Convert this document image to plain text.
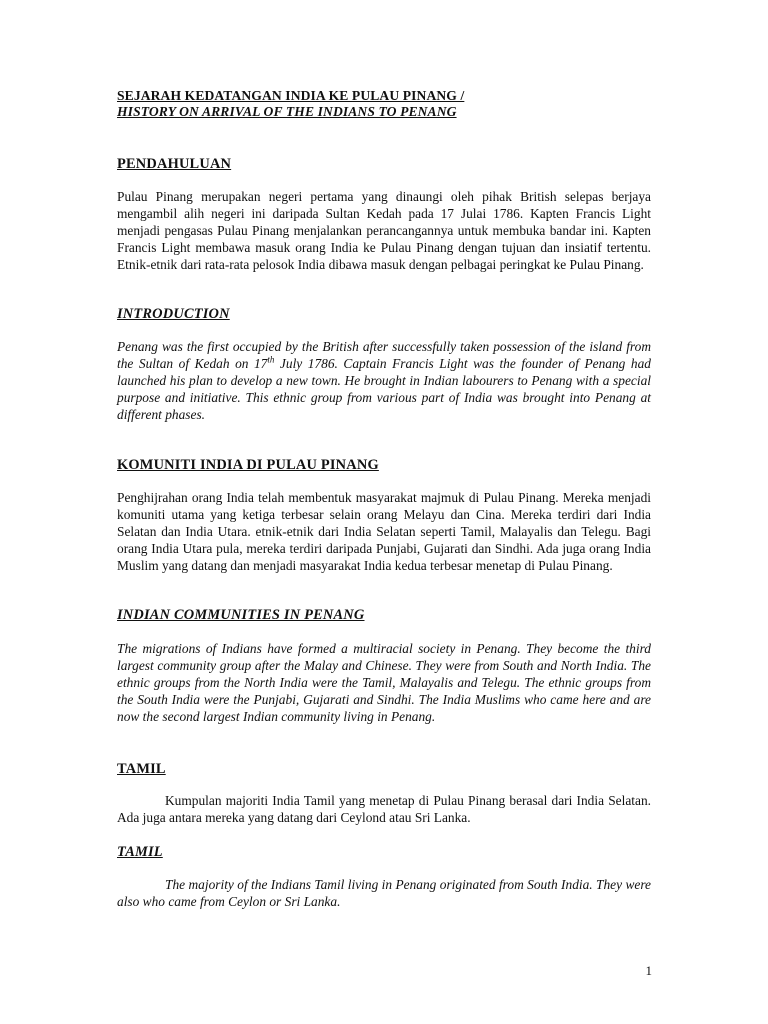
SEJARAH KEDATANGAN INDIA KE PULAU PINANG /
HISTORY ON ARRIVAL OF THE INDIANS TO PENANG
PENDAHULUAN

Pulau Pinang merupakan negeri pertama yang dinaungi oleh pihak British selepas berjaya mengambil alih negeri ini daripada Sultan Kedah pada 17 Julai 1786. Kapten Francis Light menjadi pengasas Pulau Pinang menjalankan perancangannya untuk membuka bandar ini. Kapten Francis Light membawa masuk orang India ke Pulau Pinang dengan tujuan dan insiatif tertentu. Etnik-etnik dari rata-rata pelosok India dibawa masuk dengan pelbagai peringkat ke Pulau Pinang.

INTRODUCTION

Penang was the first occupied by the British after successfully taken possession of the island from the Sultan of Kedah on 17th July 1786. Captain Francis Light was the founder of Penang had launched his plan to develop a new town. He brought in Indian labourers to Penang with a special purpose and initiative. This ethnic group from various part of India was brought into Penang at different phases.

KOMUNITI INDIA DI PULAU PINANG

Penghijrahan orang India telah membentuk masyarakat majmuk di Pulau Pinang. Mereka menjadi komuniti utama yang ketiga terbesar selain orang Melayu dan Cina. Mereka terdiri dari India Selatan dan India Utara. etnik-etnik dari India Selatan seperti Tamil, Malayalis dan Telegu. Bagi orang India Utara pula, mereka terdiri daripada Punjabi, Gujarati dan Sindhi. Ada juga orang India Muslim yang datang dan menjadi masyarakat India kedua terbesar menetap di Pulau Pinang.

INDIAN COMMUNITIES IN PENANG

The migrations of Indians have formed a multiracial society in Penang. They become the third largest community group after the Malay and Chinese. They were from South and North India. The ethnic groups from the North India were the Tamil, Malayalis and Telegu. The ethnic groups from the South India were the Punjabi, Gujarati and Sindhi. The India Muslims who came here and are now the second largest Indian community living in Penang.

TAMIL

Kumpulan majoriti India Tamil yang menetap di Pulau Pinang berasal dari India Selatan. Ada juga antara mereka yang datang dari Ceylond atau Sri Lanka.

TAMIL

The majority of the Indians Tamil living in Penang originated from South India. They were also who came from Ceylon or Sri Lanka.

1
